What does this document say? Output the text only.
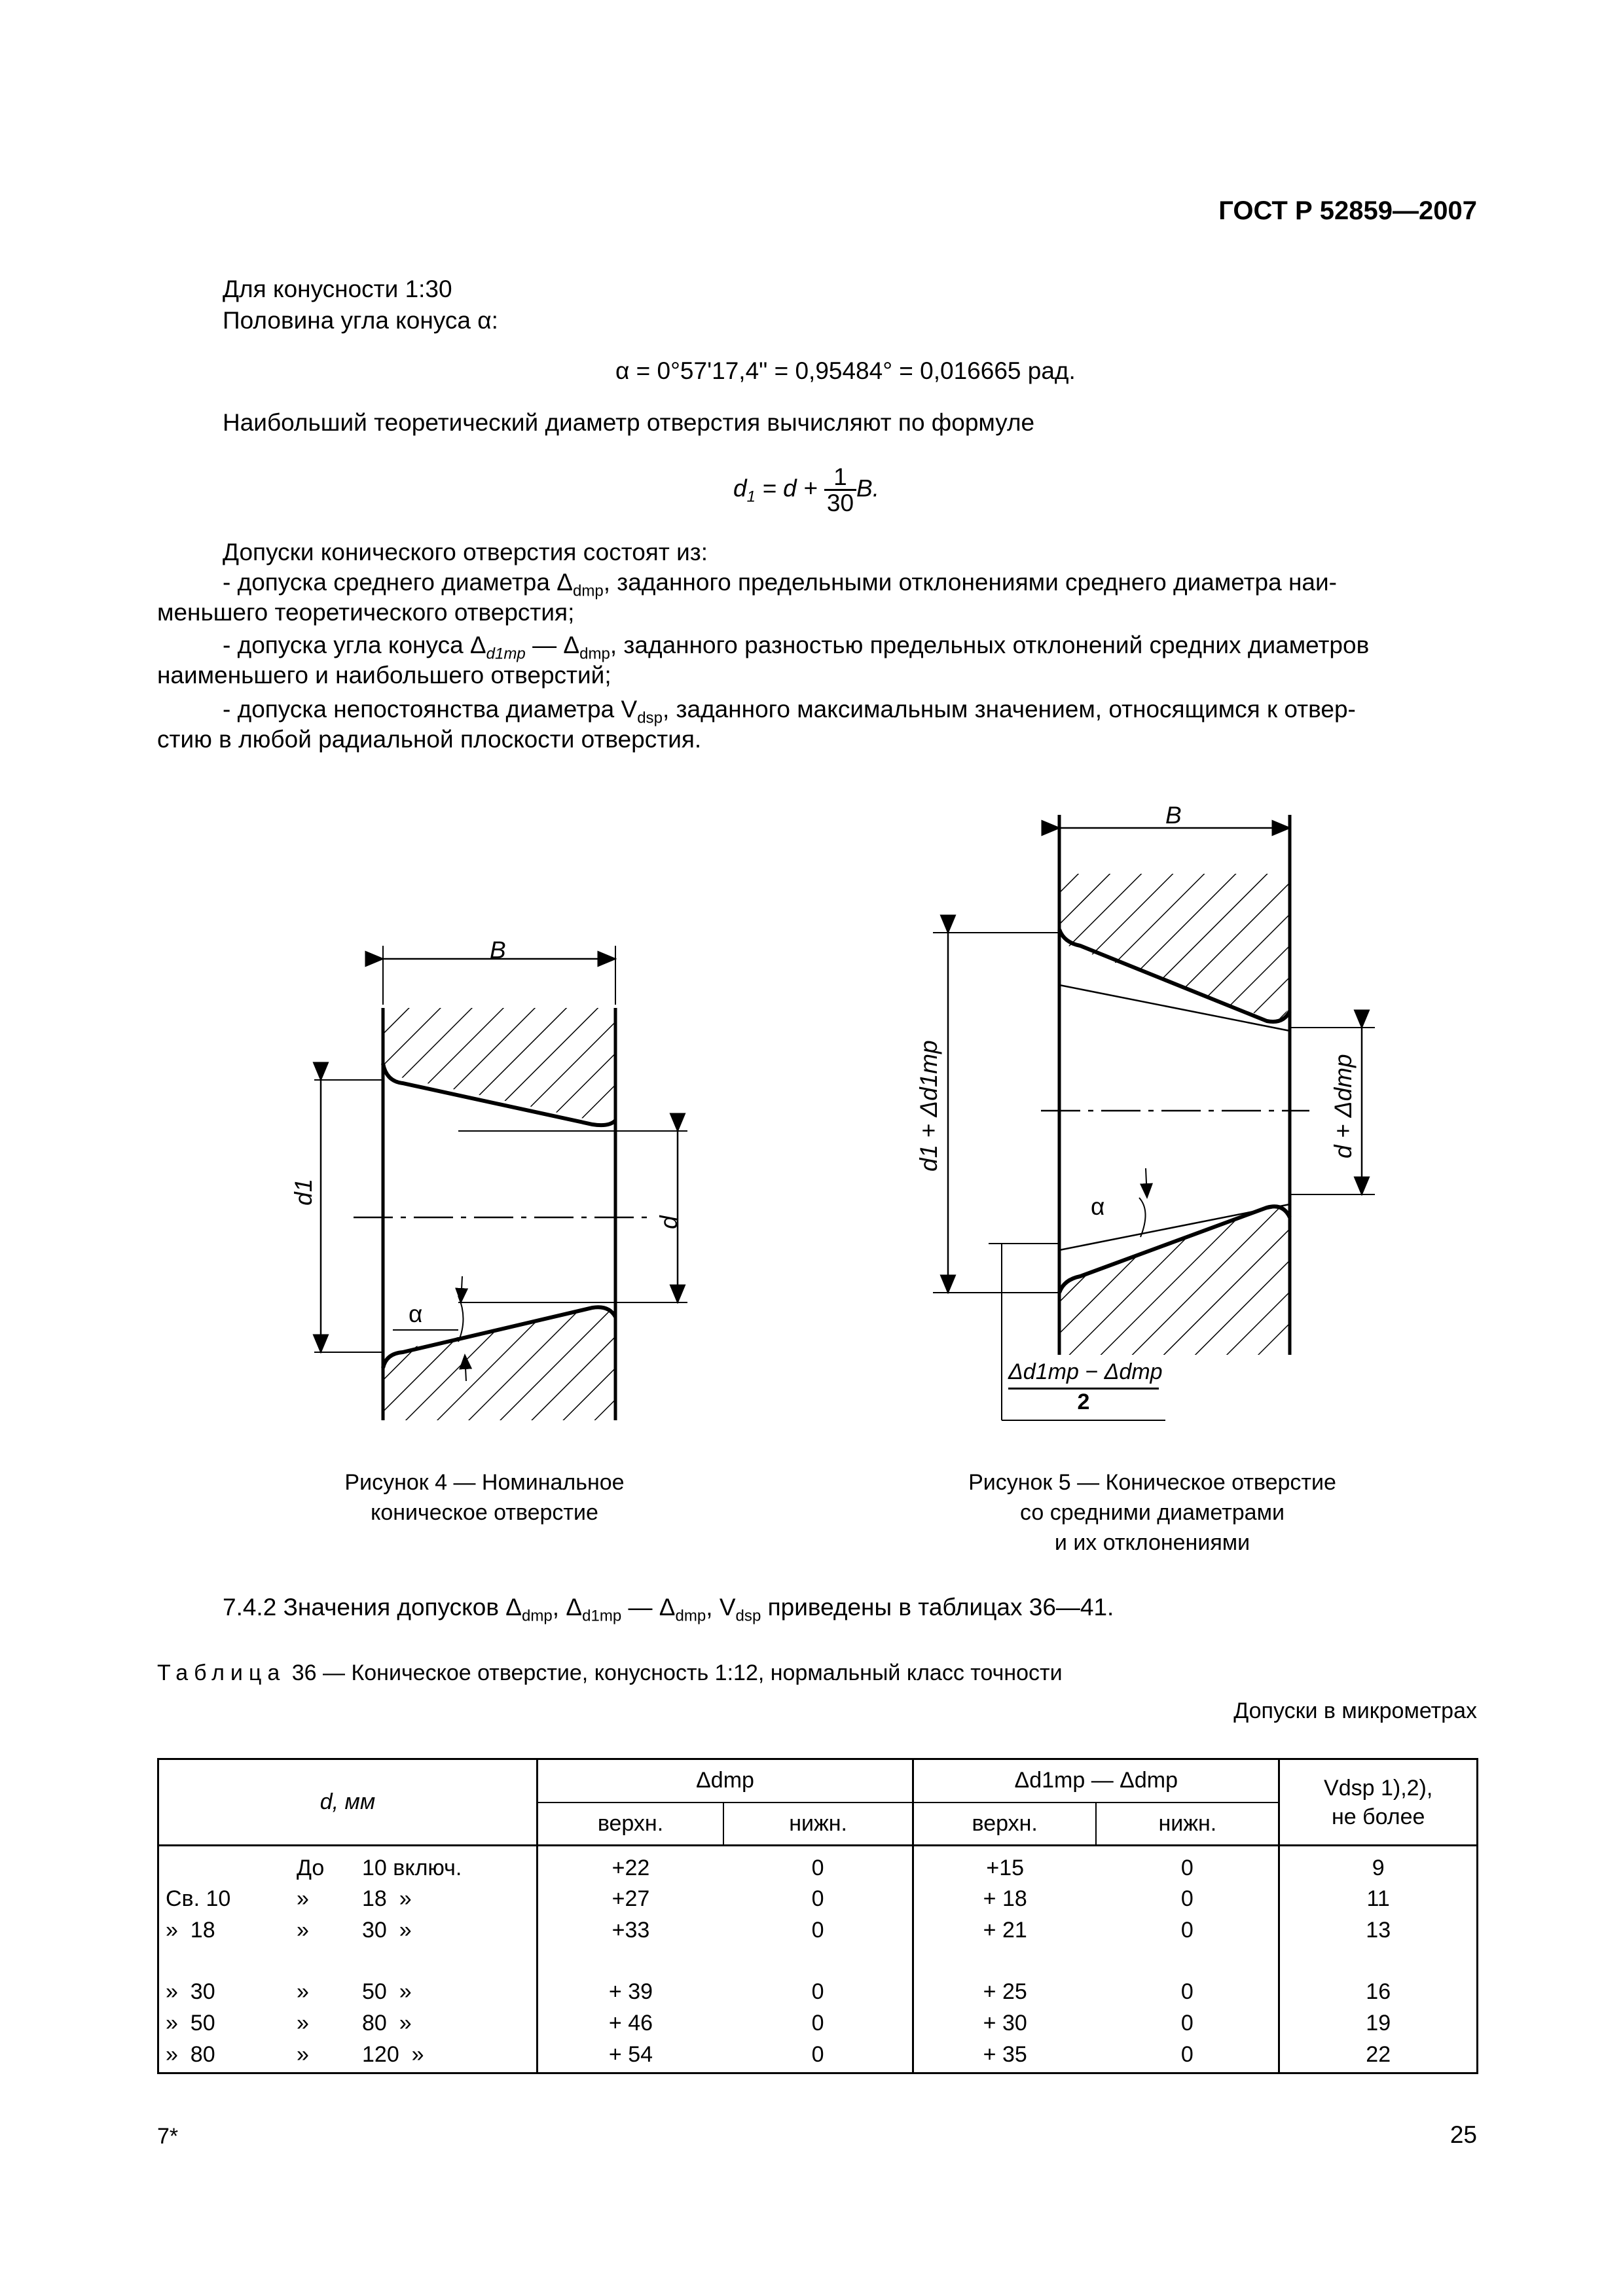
ГОСТ Р 52859—2007
Для конусности 1:30
Половина угла конуса α:
α = 0°57'17,4" = 0,95484° = 0,016665 рад.
Наибольший теоретический диаметр отверстия вычисляют по формуле
$d_1 = d + \frac{1}{30} B$.
Допуски конического отверстия состоят из:
- допуска среднего диаметра $\Delta_{dmp}$, заданного предельными отклонениями среднего диаметра наи-
меньшего теоретического отверстия;
- допуска угла конуса $\Delta_{d1mp}$ — $\Delta_{dmp}$, заданного разностью предельных отклонений средних диаметров
наименьшего и наибольшего отверстий;
- допуска непостоянства диаметра $V_{dsp}$, заданного максимальным значением, относящимся к отвер-
стию в любой радиальной плоскости отверстия.
B
d1
d
α
Рисунок 4 — Номинальное
коническое отверстие
B
d1 + Δd1mp	d + Δdmp
α
Δd1mp − Δdmp
2
Рисунок 5 — Коническое отверстие
со средними диаметрами
и их отклонениями
7.4.2 Значения допусков $\Delta_{dmp}$, $\Delta_{d1mp}$ — $\Delta_{dmp}$, $V_{dsp}$ приведены в таблицах 36—41.
Таблица 36 — Коническое отверстие, конусность 1:12, нормальный класс точности
Допуски в микрометрах
d, мм	Δdmp		Δd1mp — Δdmp		Vdsp 1),2),
не более
	верхн.	нижн.	верхн.	нижн.	

До 10 включ.	+22	0	+15	0	9

Св. 10 » 18  »	+27	0	+ 18	0	11

»  18 » 30  »	+33	0	+ 21	0	13

»  30 » 50  »	+ 39	0	+ 25	0	16

»  50 » 80  »	+ 46	0	+ 30	0	19

»  80 » 120  »	+ 54	0	+ 35	0	22
7*	25
